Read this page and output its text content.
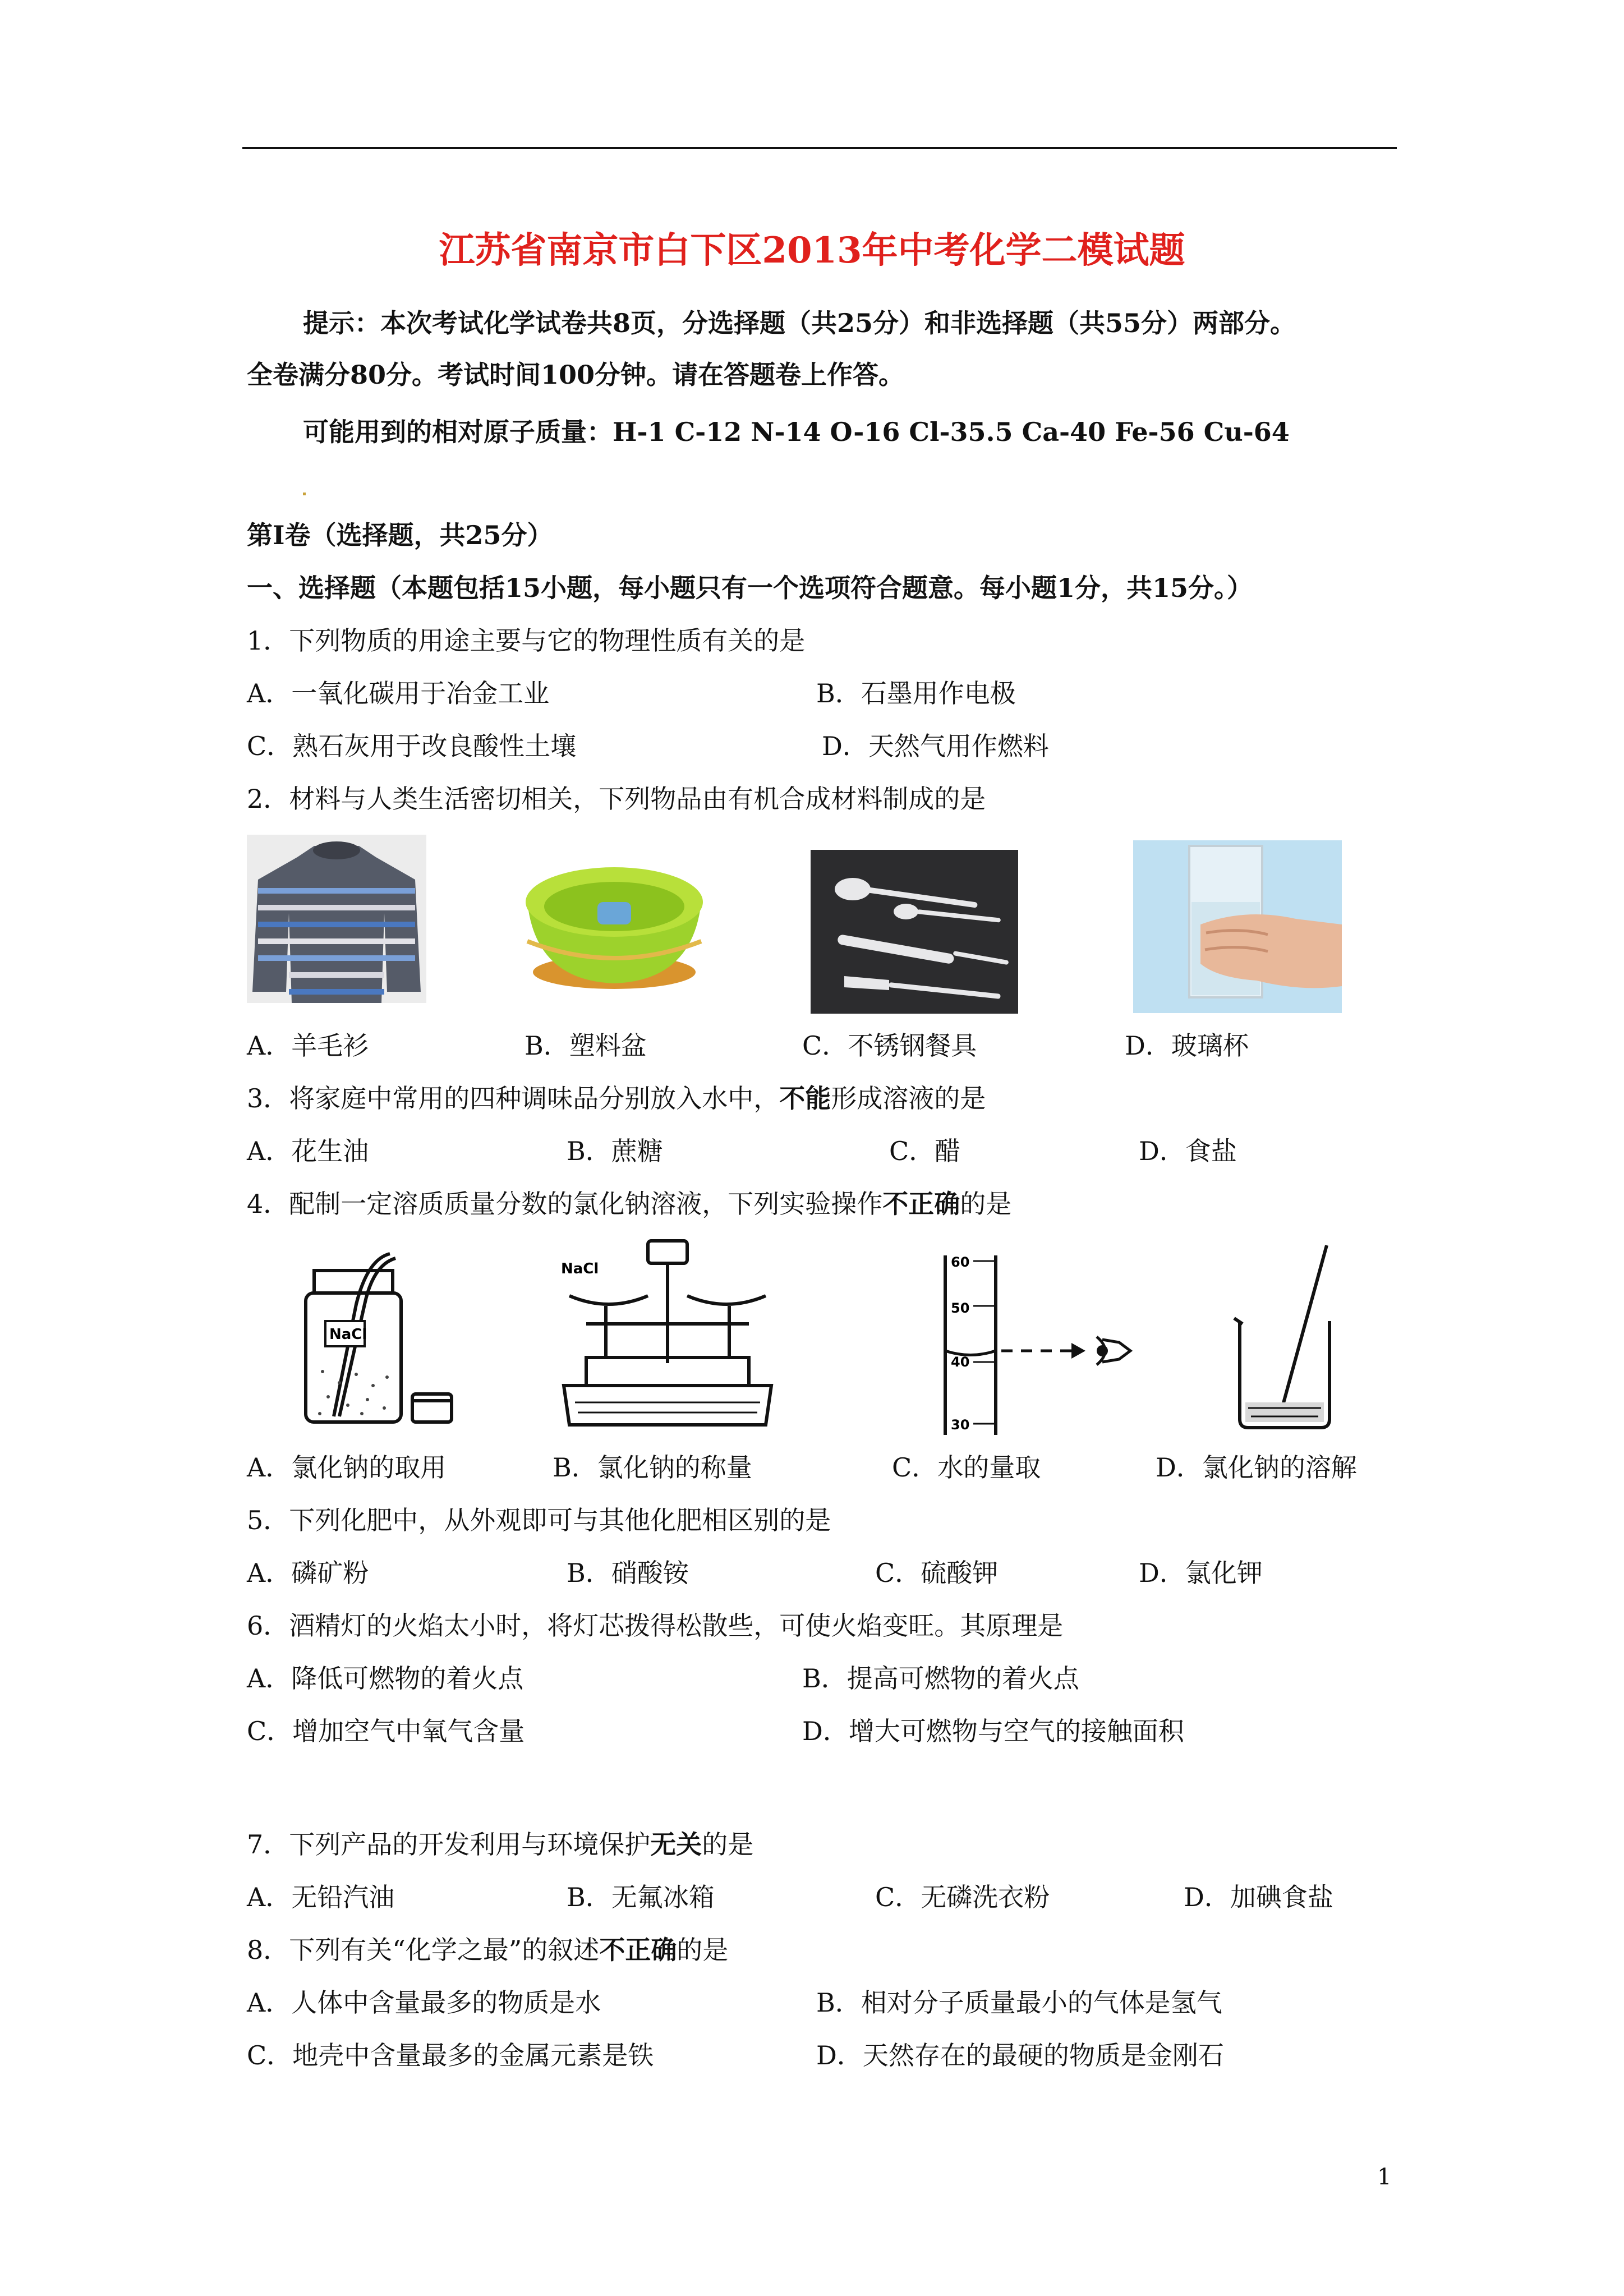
江苏省南京市白下区2013年中考化学二模试题
提示：本次考试化学试卷共8页，分选择题（共25分）和非选择题（共55分）两部分。
全卷满分80分。考试时间100分钟。请在答题卷上作答。
可能用到的相对原子质量：H-1 C-12 N-14 O-16 Cl-35.5 Ca-40 Fe-56 Cu-64
第Ⅰ卷（选择题，共25分）
一、选择题（本题包括15小题，每小题只有一个选项符合题意。每小题1分，共15分。）
1．下列物质的用途主要与它的物理性质有关的是
A．一氧化碳用于冶金工业	B．石墨用作电极
C．熟石灰用于改良酸性土壤	D．天然气用作燃料
2．材料与人类生活密切相关，下列物品由有机合成材料制成的是
A．羊毛衫	B．塑料盆	C．不锈钢餐具	D．玻璃杯
3．将家庭中常用的四种调味品分别放入水中，不能形成溶液的是
A．花生油	B．蔗糖	C．醋	D．食盐
4．配制一定溶质质量分数的氯化钠溶液，下列实验操作不正确的是
NaCl
NaCl	60
50
40
30
A．氯化钠的取用	B．氯化钠的称量	C．水的量取	D．氯化钠的溶解
5．下列化肥中，从外观即可与其他化肥相区别的是
A．磷矿粉	B．硝酸铵	C．硫酸钾	D．氯化钾
6．酒精灯的火焰太小时，将灯芯拨得松散些，可使火焰变旺。其原理是
A．降低可燃物的着火点	B．提高可燃物的着火点
C．增加空气中氧气含量	D．增大可燃物与空气的接触面积
7．下列产品的开发利用与环境保护无关的是
A．无铅汽油	B．无氟冰箱	C．无磷洗衣粉	D．加碘食盐
8．下列有关“化学之最”的叙述不正确的是
A．人体中含量最多的物质是水	B．相对分子质量最小的气体是氢气
C．地壳中含量最多的金属元素是铁	D．天然存在的最硬的物质是金刚石
1
